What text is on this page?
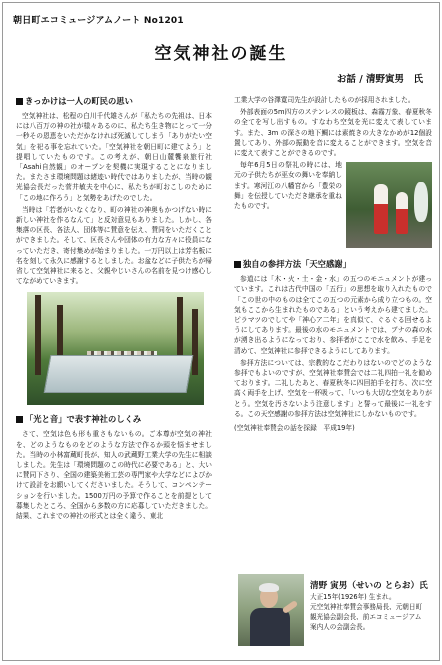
朝日町エコミュージアムノート No1201
空気神社の誕生
お話 / 清野寅男　氏
きっかけは一人の町民の思い

空気神社は、松程の白川千代雄さんが「私たちの先祖は、日本には八百万の神の社が様々あるのに、私たち生き物にとって一分一秒その恩恵をいただかなければ死滅してしまう「ありがたい空気」を祀る事を忘れていた。「空気神社を朝日町に建てよう」と提唱していたものです。この考えが、朝日山麓饗泉旅行社「Asahi自然観」のオープンを契機に実現することになりました。またさま環境問題は緒迹い時代ではありましたが、当時の観光協会長だった菅井敏夫を中心に、私たちが町おこしのために「この地に作ろう」と気勢をあげたのでした。

当時は「若者がいなくなり、町の神社の神奥もかつげない時に新しい神社を作るなんて」と反対意見もありました。しかし、各集落の区長、各法人、団体等に賛意を伝え、賛同をいただくことができました。そして、区長さんや団体の有力な方々に役員になっていただき、寄付集めが始まりました。一万円以上は芳名板に名を刻して永久に感謝するとしました。お盆などに子供たちが帰省して空気神社に来ると、父親やじいさんの名前を見つけ感心してながめていきます。

「光と音」で表す神社のしくみ

さて、空気は色も形も重さもないもの。ご本尊が空気の神社を、どのようなものをどのような方法で作るか頭を悩ませました。当時の小林富蔵町長が、知人の武蔵野工業大学の先生に相談しました。先生は「環境問題のこの時代に必要である」と、大いに賛同下さり、全国の建築美術工芸の専門家や大学などによびかけて設計をお願いしてくださいました。そうして、コンペンテーションを行いました。1500万円の予算で作ることを前提として募集したところ、全国から多数の方に応募していただきました。結果、これまでの神社の形式とは全く違う、東北

工業大学の谷澤寛司先生が設計したものが採用されました。

外部表面の5m四方のステンレスの鏡板は、森霧万象、春夏秋冬の全てを写し出すもの。すなわち空気を光に変えて表しています。また、3m の深さの地下鯛には素焼きの大きなかめが12個設置してあり、外部の振動を音に変えることができます。空気を音に変えて表すことができるのです。

毎年6月5日の祭礼の時には、地元の子供たちが巫女の舞いを奉納します。寒河江の八幡宮から「豊栄の舞」を伝授していただき継承を重ねたものです。

独自の参拝方法「天空感謝」

参道には「木・火・土・金・水」の五つのモニュメントが建っています。これは古代中国の「五行」の思想を取り入れたもので「この世の中のものは全てこの五つの元素から成り立つもの。空気もここから生まれたものである」という考えから建てました。ピラマツのでしてや「神心ア二年」を真似て、ぐるぐる回せるようにしてあります。最後の水のモニュメントでは、ブナの森の水が湧き出るようになっており、参拝者がここで水を飲み、手足を清めて、空気神社に参拝できるようにしてあります。

参拝方法については、宗教的なこだわりはないのでどのような参拝でもよいのですが、空気神社奉賛会では二礼四拍一礼を勧めております。二礼したあと、春夏秋冬に四回拍手を打ち、次に空高く両手を上げ、空気を一杯吸って、「いつも大切な空気をありがとう。空気を汚さないよう注意します」と誓って最後に一礼をする。この天空感謝の参拝方法は空気神社にしかないものです。

(空気神社奉賛会の話を採録　平成19年)
清野 寅男（せいの とらお）氏
大正15年(1926年) 生まれ。
元空気神社奉賛会事務局長、元朝日町
観光協会副会長、前エコミュージアム
案内人の会副会長。
